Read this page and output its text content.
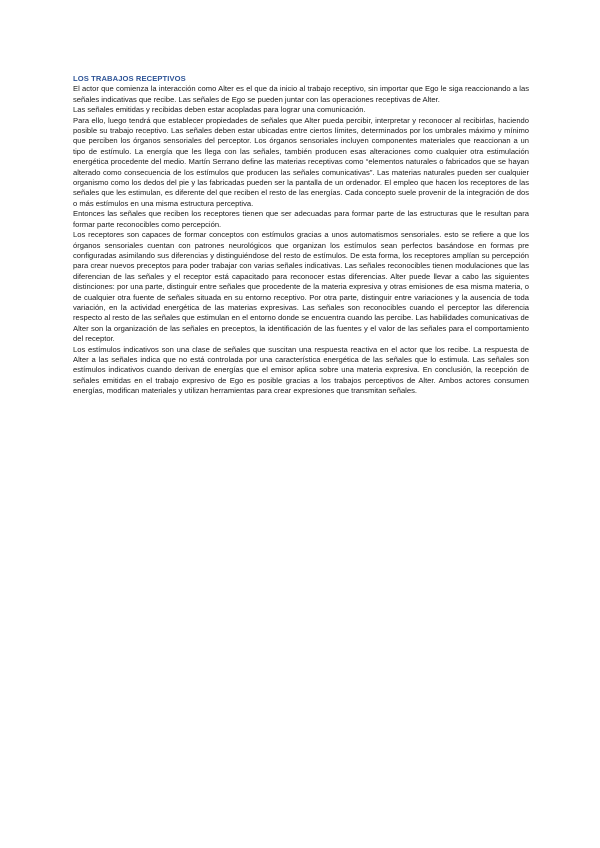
LOS TRABAJOS RECEPTIVOS

El actor que comienza la interacción como Alter es el que da inicio al trabajo receptivo, sin importar que Ego le siga reaccionando a las señales indicativas que recibe. Las señales de Ego se pueden juntar con las operaciones receptivas de Alter.

Las señales emitidas y recibidas deben estar acopladas para lograr una comunicación.

Para ello, luego tendrá que establecer propiedades de señales que Alter pueda percibir, interpretar y reconocer al recibirlas, haciendo posible su trabajo receptivo. Las señales deben estar ubicadas entre ciertos límites, determinados por los umbrales máximo y mínimo que perciben los órganos sensoriales del perceptor. Los órganos sensoriales incluyen componentes materiales que reaccionan a un tipo de estímulo. La energía que les llega con las señales, también producen esas alteraciones como cualquier otra estimulación energética procedente del medio. Martín Serrano define las materias receptivas como “elementos naturales o fabricados que se hayan alterado como consecuencia de los estímulos que producen las señales comunicativas”. Las materias naturales pueden ser cualquier organismo como los dedos del pie y las fabricadas pueden ser la pantalla de un ordenador. El empleo que hacen los receptores de las señales que les estimulan, es diferente del que reciben el resto de las energías. Cada concepto suele provenir de la integración de dos o más estímulos en una misma estructura perceptiva.

Entonces las señales que reciben los receptores tienen que ser adecuadas para formar parte de las estructuras que le resultan para formar parte reconocibles como percepción.

Los receptores son capaces de formar conceptos con estímulos gracias a unos automatismos sensoriales. esto se refiere a que los órganos sensoriales cuentan con patrones neurológicos que organizan los estímulos sean perfectos basándose en formas pre configuradas asimilando sus diferencias y distinguiéndose del resto de estímulos. De esta forma, los receptores amplían su percepción para crear nuevos preceptos para poder trabajar con varias señales indicativas. Las señales reconocibles tienen modulaciones que las diferencian de las señales y el receptor está capacitado para reconocer estas diferencias. Alter puede llevar a cabo las siguientes distinciones: por una parte, distinguir entre señales que procedente de la materia expresiva y otras emisiones de esa misma materia, o de cualquier otra fuente de señales situada en su entorno receptivo. Por otra parte, distinguir entre variaciones y la ausencia de toda variación, en la actividad energética de las materias expresivas. Las señales son reconocibles cuando el perceptor las diferencia respecto al resto de las señales que estimulan en el entorno donde se encuentra cuando las percibe. Las habilidades comunicativas de Alter son la organización de las señales en preceptos, la identificación de las fuentes y el valor de las señales para el comportamiento del receptor.

Los estímulos indicativos son una clase de señales que suscitan una respuesta reactiva en el actor que los recibe. La respuesta de Alter a las señales indica que no está controlada por una característica energética de las señales que lo estimula. Las señales son estímulos indicativos cuando derivan de energías que el emisor aplica sobre una materia expresiva. En conclusión, la recepción de señales emitidas en el trabajo expresivo de Ego es posible gracias a los trabajos perceptivos de Alter. Ambos actores consumen energías, modifican materiales y utilizan herramientas para crear expresiones que transmitan señales.
